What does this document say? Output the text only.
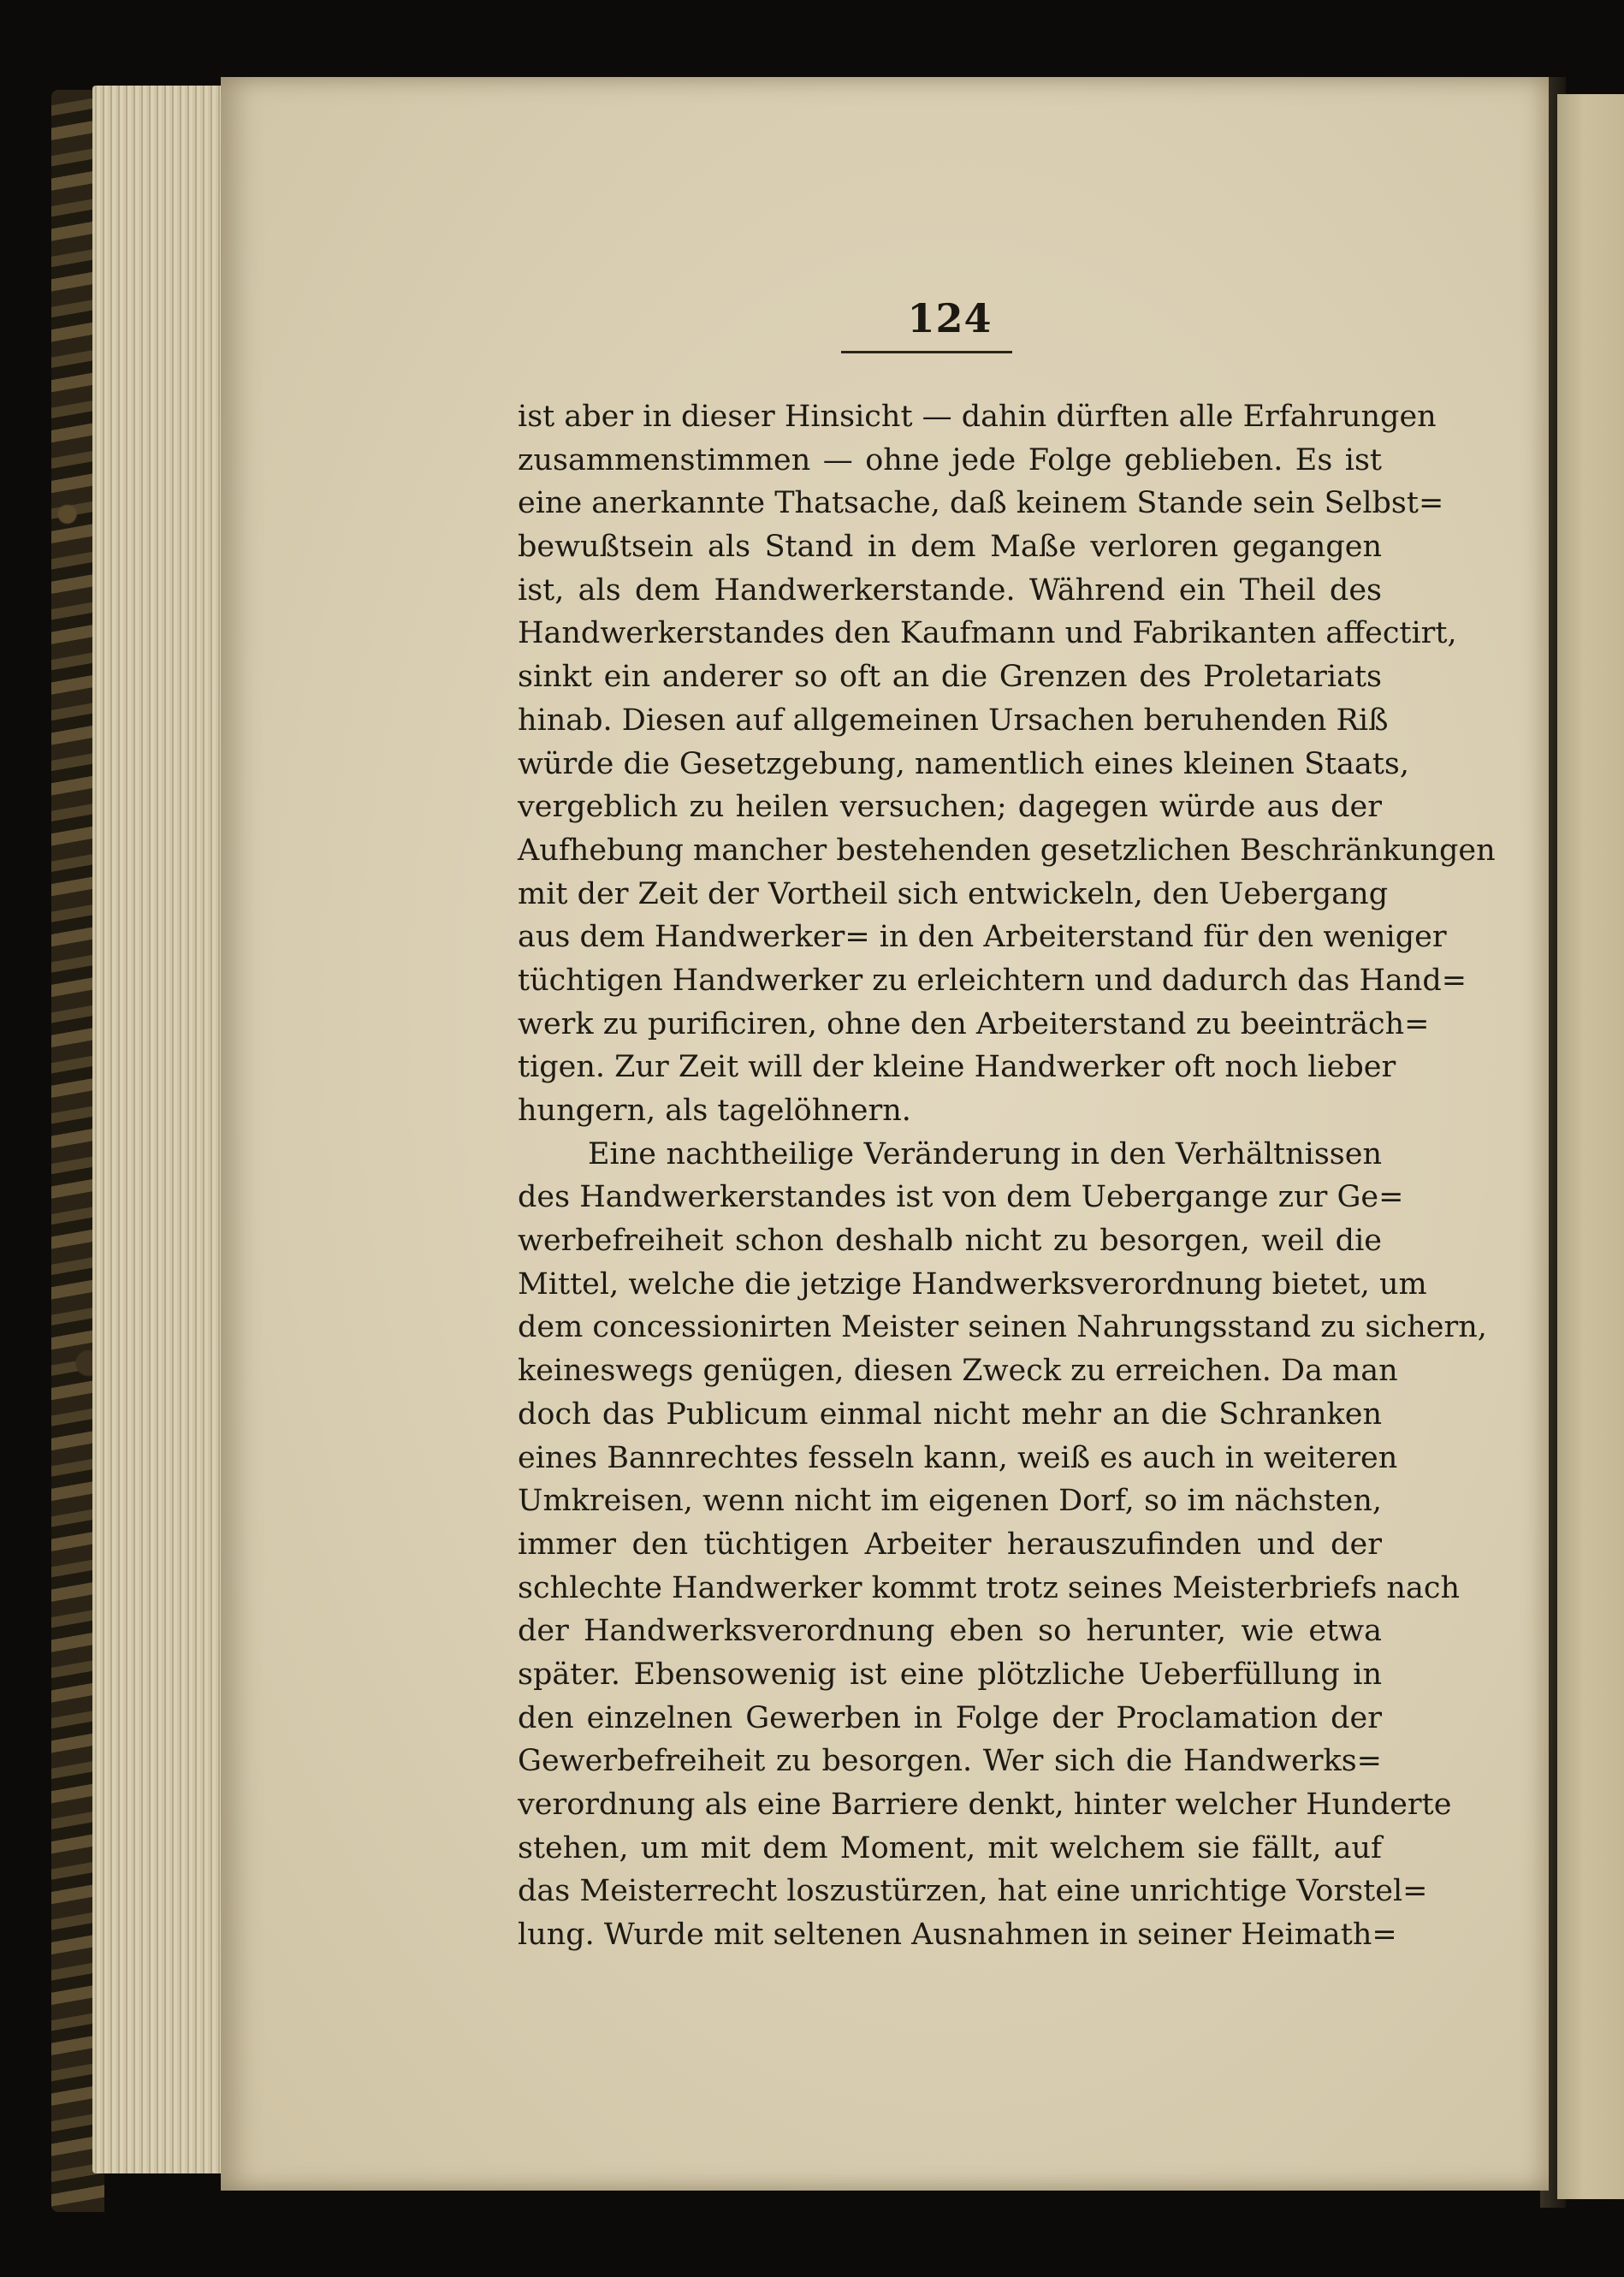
124
ist aber in dieser Hinsicht — dahin dürften alle Erfahrungen
zusammenstimmen — ohne jede Folge geblieben. Es ist
eine anerkannte Thatsache, daß keinem Stande sein Selbst=
bewußtsein als Stand in dem Maße verloren gegangen
ist, als dem Handwerkerstande. Während ein Theil des
Handwerkerstandes den Kaufmann und Fabrikanten affectirt,
sinkt ein anderer so oft an die Grenzen des Proletariats
hinab. Diesen auf allgemeinen Ursachen beruhenden Riß
würde die Gesetzgebung, namentlich eines kleinen Staats,
vergeblich zu heilen versuchen; dagegen würde aus der
Aufhebung mancher bestehenden gesetzlichen Beschränkungen
mit der Zeit der Vortheil sich entwickeln, den Uebergang
aus dem Handwerker= in den Arbeiterstand für den weniger
tüchtigen Handwerker zu erleichtern und dadurch das Hand=
werk zu purificiren, ohne den Arbeiterstand zu beeinträch=
tigen. Zur Zeit will der kleine Handwerker oft noch lieber
hungern, als tagelöhnern.
Eine nachtheilige Veränderung in den Verhältnissen
des Handwerkerstandes ist von dem Uebergange zur Ge=
werbefreiheit schon deshalb nicht zu besorgen, weil die
Mittel, welche die jetzige Handwerksverordnung bietet, um
dem concessionirten Meister seinen Nahrungsstand zu sichern,
keineswegs genügen, diesen Zweck zu erreichen. Da man
doch das Publicum einmal nicht mehr an die Schranken
eines Bannrechtes fesseln kann, weiß es auch in weiteren
Umkreisen, wenn nicht im eigenen Dorf, so im nächsten,
immer den tüchtigen Arbeiter herauszufinden und der
schlechte Handwerker kommt trotz seines Meisterbriefs nach
der Handwerksverordnung eben so herunter, wie etwa
später. Ebensowenig ist eine plötzliche Ueberfüllung in
den einzelnen Gewerben in Folge der Proclamation der
Gewerbefreiheit zu besorgen. Wer sich die Handwerks=
verordnung als eine Barriere denkt, hinter welcher Hunderte
stehen, um mit dem Moment, mit welchem sie fällt, auf
das Meisterrecht loszustürzen, hat eine unrichtige Vorstel=
lung. Wurde mit seltenen Ausnahmen in seiner Heimath=
